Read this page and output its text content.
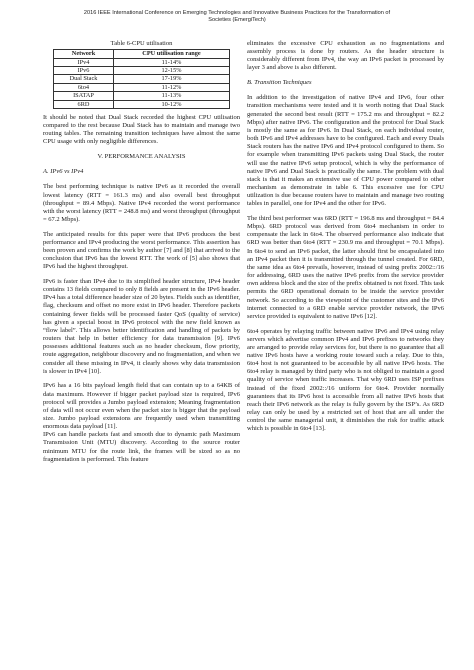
2016 IEEE International Conference on Emerging Technologies and Innovative Business Practices for the Transformation of
Societies (EmergiTech)
Table 6-CPU utilisation
Network	CPU utilisation range
IPv4	11-14%
IPv6	12-15%
Dual Stack	17-19%
6to4	11-12%
ISATAP	11-13%
6RD	10-12%

It should be noted that Dual Stack recorded the highest CPU utilisation compared to the rest because Dual Stack has to maintain and manage two routing tables. The remaining transition techniques have almost the same CPU usage with only negligible differences.

V. PERFORMANCE ANALYSIS
A. IPv6 vs IPv4

The best performing technique is native IPv6 as it recorded the overall lowest latency (RTT = 161.3 ms) and also overall best throughput (throughput = 89.4 Mbps). Native IPv4 recorded the worst performance with the worst latency (RTT = 248.8 ms) and worst throughput (throughput = 67.2 Mbps).

The anticipated results for this paper were that IPv6 produces the best performance and IPv4 producing the worst performance. This assertion has been proven and confirms the work by author [7] and [8] that arrived to the conclusion that IPv6 has the lowest RTT. The work of [5] also shows that IPv6 had the highest throughput.

IPv6 is faster than IPv4 due to its simplified header structure, IPv4 header contains 13 fields compared to only 8 fields are present in the IPv6 header. IPv4 has a total difference header size of 20 bytes. Fields such as identifier, flag, checksum and offset no more exist in IPv6 header. Therefore packets containing fewer fields will be processed faster QoS (quality of service) has given a special boost in IPv6 protocol with the new field known as “flow label”. This allows better identification and handling of packets by routers that help in better efficiency for data transmission [9]. IPv6 possesses additional features such as no header checksum, flow priority, route aggregation, neighbour discovery and no fragmentation, and when we consider all these missing in IPv4, it clearly shows why data transmission is slower in IPv4 [10].

IPv6 has a 16 bits payload length field that can contain up to a 64KB of data maximum. However if bigger packet payload size is required, IPv6 protocol will provides a Jumbo payload extension; Meaning fragmentation of data will not occur even when the packet size is bigger that the payload size. Jumbo payload extensions are frequently used when transmitting enormous data payload [11].

IPv6 can handle packets fast and smooth due to dynamic path Maximum Transmission Unit (MTU) discovery. According to the source router minimum MTU for the route link, the frames will be sized so as no fragmentation is performed. This feature

eliminates the excessive CPU exhaustion as no fragmentations and assembly process is done by routers. As the header structure is considerably different from IPv4, the way an IPv6 packet is processed by layer 3 and above is also different.

B. Transition Techniques

In addition to the investigation of native IPv4 and IPv6, four other transition mechanisms were tested and it is worth noting that Dual Stack generated the second best result (RTT = 175.2 ms and throughput = 82.2 Mbps) after native IPv6. The configuration and the protocol for Dual Stack is mostly the same as for IPv6. In Dual Stack, on each individual router, both IPv6 and IPv4 addresses have to be configured. Each and every Duals Stack routers has the native IPv6 and IPv4 protocol configured to them. So for example when transmitting IPv6 packets using Dual Stack, the router will use the native IPv6 setup protocol, which is why the performance of native IPv6 and Dual Stack is practically the same. The problem with dual stack is that it makes an extensive use of CPU power compared to other mechanism as demonstrate in table 6. This excessive use for CPU utilization is due because routers have to maintain and manage two routing tables in parallel, one for IPv4 and the other for IPv6.

The third best performer was 6RD (RTT = 196.8 ms and throughput = 84.4 Mbps). 6RD protocol was derived from 6to4 mechanism in order to compensate the lack in 6to4. The observed performance also indicate that 6RD was better than 6to4 (RTT = 230.9 ms and throughput = 70.1 Mbps). In 6to4 to send an IPv6 packet, the latter should first be encapsulated into an IPv4 packet then it is transmitted through the tunnel created. For 6RD, the same idea as 6to4 prevails, however, instead of using prefix 2002::/16 for addressing, 6RD uses the native IPv6 prefix from the service provider own address block and the size of the prefix obtained is not fixed. This task permits the 6RD operational domain to be inside the service provider network. So according to the viewpoint of the customer sites and the IPv6 internet connected to a 6RD enable service provider network, the IPv6 service provided is equivalent to native IPv6 [12].

6to4 operates by relaying traffic between native IPv6 and IPv4 using relay servers which advertise common IPv4 and IPv6 prefixes to networks they are arranged to provide relay services for, but there is no guarantee that all native IPv6 hosts have a working route toward such a relay. Due to this, 6to4 host is not guaranteed to be accessible by all native IPv6 hosts. The 6to4 relay is managed by third party who is not obliged to maintain a good quality of service when traffic increases. That why 6RD uses ISP prefixes instead of the fixed 2002::/16 uniform for 6to4. Provider normally guarantees that its IPv6 host is accessible from all native IPv6 hosts that reach their IPv6 network as the relay is fully govern by the ISP’s. As 6RD relay can only be used by a restricted set of host that are all under the control the same managerial unit, it diminishes the risk for traffic attack which is possible in 6to4 [13].
